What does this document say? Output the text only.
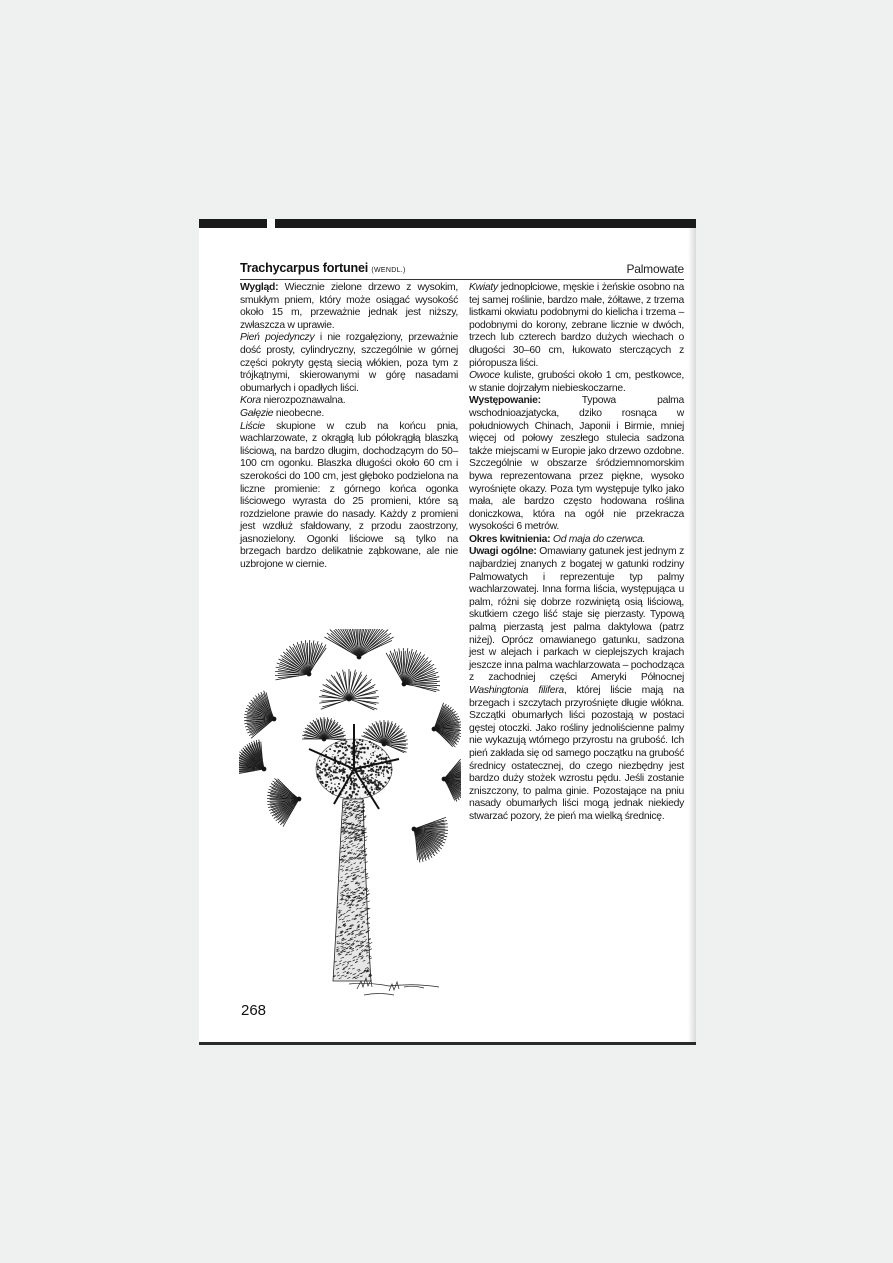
Trachycarpus fortunei (WENDL.)	Palmowate

Wygląd: Wiecznie zielone drzewo z wysokim, smukłym pniem, który może osiągać wysokość około 15 m, przeważnie jednak jest niższy, zwłaszcza w uprawie.

Pień pojedynczy i nie rozgałęziony, przeważnie dość prosty, cylindryczny, szczególnie w górnej części pokryty gęstą siecią włókien, poza tym z trójkątnymi, skierowanymi w górę nasadami obumarłych i opadłych liści.

Kora nierozpoznawalna.

Gałęzie nieobecne.

Liście skupione w czub na końcu pnia, wachlarzowate, z okrągłą lub półokrągłą blaszką liściową, na bardzo długim, dochodzącym do 50–100 cm ogonku. Blaszka długości około 60 cm i szerokości do 100 cm, jest głęboko podzielona na liczne promienie: z górnego końca ogonka liściowego wyrasta do 25 promieni, które są rozdzielone prawie do nasady. Każdy z promieni jest wzdłuż sfałdowany, z przodu zaostrzony, jasnozielony. Ogonki liściowe są tylko na brzegach bardzo delikatnie ząbkowane, ale nie uzbrojone w ciernie.

Kwiaty jednopłciowe, męskie i żeńskie osobno na tej samej roślinie, bardzo małe, żółtawe, z trzema listkami okwiatu podobnymi do kielicha i trzema – podobnymi do korony, zebrane licznie w dwóch, trzech lub czterech bardzo dużych wiechach o długości 30–60 cm, łukowato sterczących z pióropusza liści.

Owoce kuliste, grubości około 1 cm, pestkowce, w stanie dojrzałym niebieskoczarne.

Występowanie: Typowa palma wschodnioazjatycka, dziko rosnąca w południowych Chinach, Japonii i Birmie, mniej więcej od połowy zeszłego stulecia sadzona także miejscami w Europie jako drzewo ozdobne. Szczególnie w obszarze śródziemnomorskim bywa reprezentowana przez piękne, wysoko wyrośnięte okazy. Poza tym występuje tylko jako mała, ale bardzo często hodowana roślina doniczkowa, która na ogół nie przekracza wysokości 6 metrów.

Okres kwitnienia: Od maja do czerwca.

Uwagi ogólne: Omawiany gatunek jest jednym z najbardziej znanych z bogatej w gatunki rodziny Palmowatych i reprezentuje typ palmy wachlarzowatej. Inna forma liścia, występująca u palm, różni się dobrze rozwiniętą osią liściową, skutkiem czego liść staje się pierzasty. Typową palmą pierzastą jest palma daktylowa (patrz niżej). Oprócz omawianego gatunku, sadzona jest w alejach i parkach w cieplejszych krajach jeszcze inna palma wachlarzowata – pochodząca z zachodniej części Ameryki Północnej Washingtonia filifera, której liście mają na brzegach i szczytach przyrośnięte długie włókna. Szczątki obumarłych liści pozostają w postaci gęstej otoczki. Jako rośliny jednoliścienne palmy nie wykazują wtórnego przyrostu na grubość. Ich pień zakłada się od samego początku na grubość średnicy ostatecznej, do czego niezbędny jest bardzo duży stożek wzrostu pędu. Jeśli zostanie zniszczony, to palma ginie. Pozostające na pniu nasady obumarłych liści mogą jednak niekiedy stwarzać pozory, że pień ma wielką średnicę.

268
